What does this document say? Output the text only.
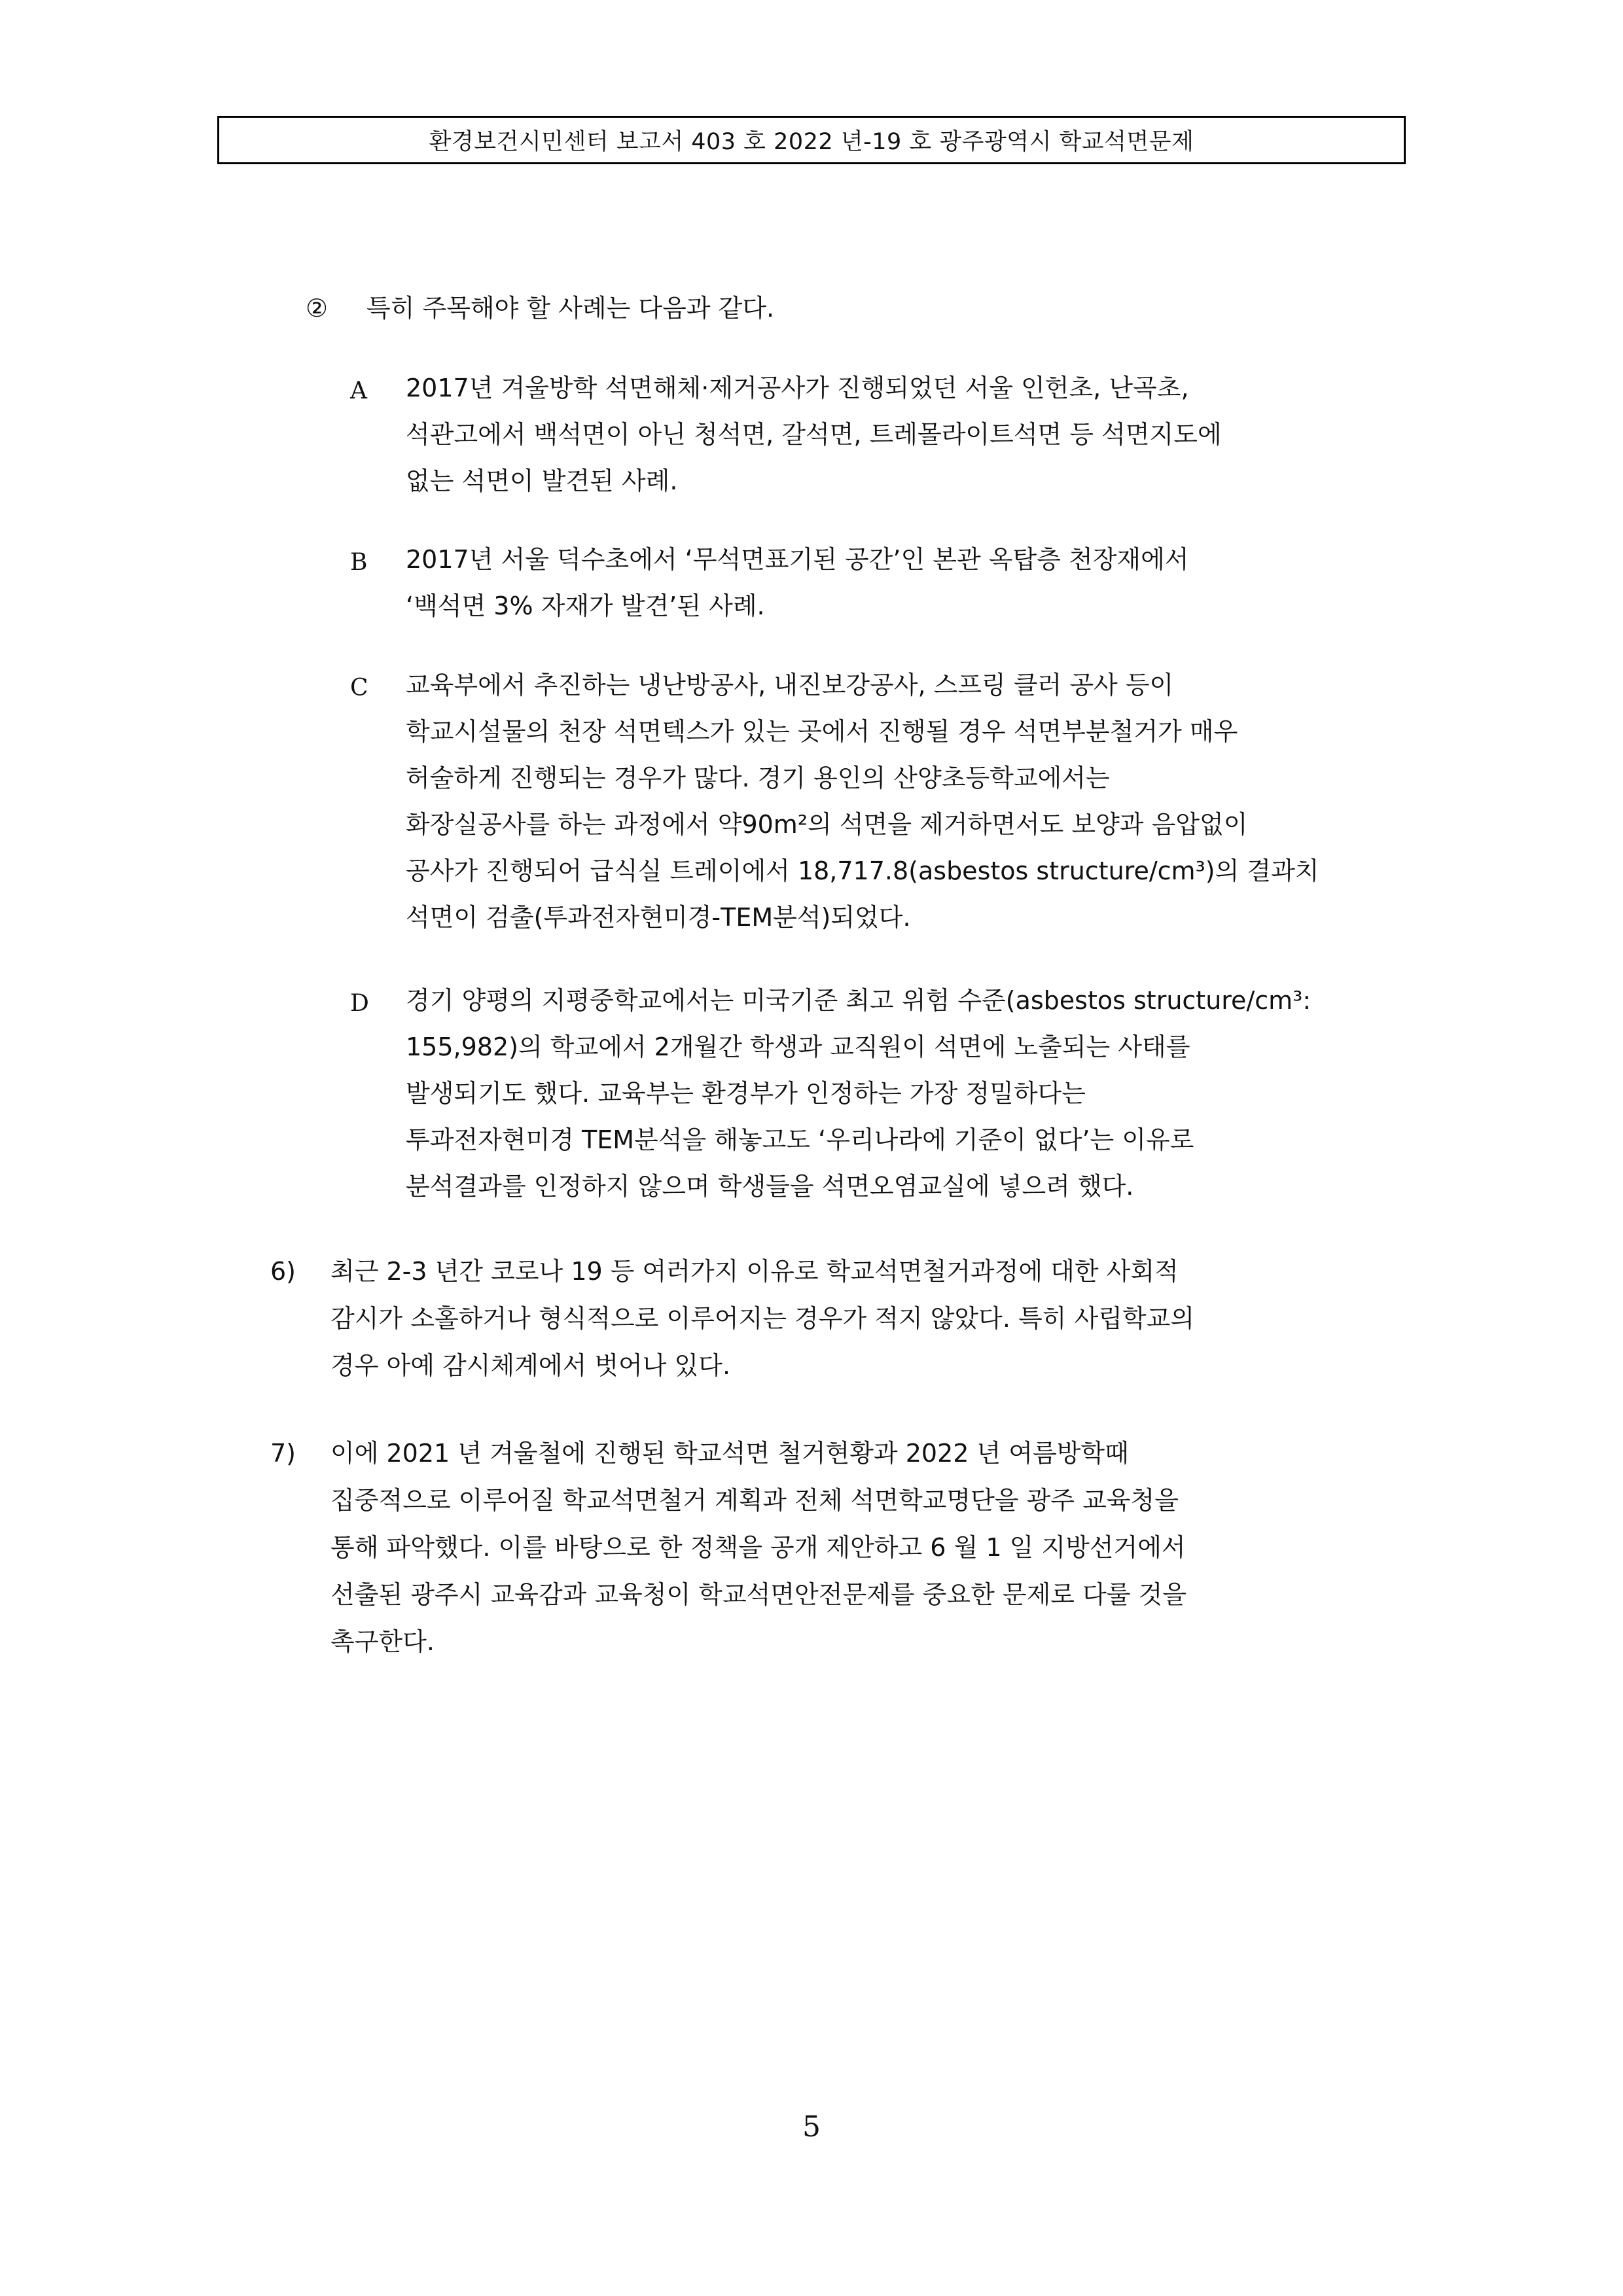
환경보건시민센터 보고서 403 호 2022 년-19 호 광주광역시 학교석면문제
② 특히 주목해야 할 사례는 다음과 같다.
A 2017년 겨울방학 석면해체·제거공사가 진행되었던 서울 인헌초, 난곡초,
석관고에서 백석면이 아닌 청석면, 갈석면, 트레몰라이트석면 등 석면지도에
없는 석면이 발견된 사례.
B 2017년 서울 덕수초에서 ‘무석면표기된 공간’인 본관 옥탑층 천장재에서
‘백석면 3% 자재가 발견’된 사례.
C 교육부에서 추진하는 냉난방공사, 내진보강공사, 스프링 클러 공사 등이
학교시설물의 천장 석면텍스가 있는 곳에서 진행될 경우 석면부분철거가 매우
허술하게 진행되는 경우가 많다. 경기 용인의 산양초등학교에서는
화장실공사를 하는 과정에서 약90m²의 석면을 제거하면서도 보양과 음압없이
공사가 진행되어 급식실 트레이에서 18,717.8(asbestos structure/cm³)의 결과치
석면이 검출(투과전자현미경-TEM분석)되었다.
D 경기 양평의 지평중학교에서는 미국기준 최고 위험 수준(asbestos structure/cm³:
155,982)의 학교에서 2개월간 학생과 교직원이 석면에 노출되는 사태를
발생되기도 했다. 교육부는 환경부가 인정하는 가장 정밀하다는
투과전자현미경 TEM분석을 해놓고도 ‘우리나라에 기준이 없다’는 이유로
분석결과를 인정하지 않으며 학생들을 석면오염교실에 넣으려 했다.
6) 최근 2-3 년간 코로나 19 등 여러가지 이유로 학교석면철거과정에 대한 사회적
감시가 소홀하거나 형식적으로 이루어지는 경우가 적지 않았다. 특히 사립학교의
경우 아예 감시체계에서 벗어나 있다.
7) 이에 2021 년 겨울철에 진행된 학교석면 철거현황과 2022 년 여름방학때
집중적으로 이루어질 학교석면철거 계획과 전체 석면학교명단을 광주 교육청을
통해 파악했다. 이를 바탕으로 한 정책을 공개 제안하고 6 월 1 일 지방선거에서
선출된 광주시 교육감과 교육청이 학교석면안전문제를 중요한 문제로 다룰 것을
촉구한다.
5
